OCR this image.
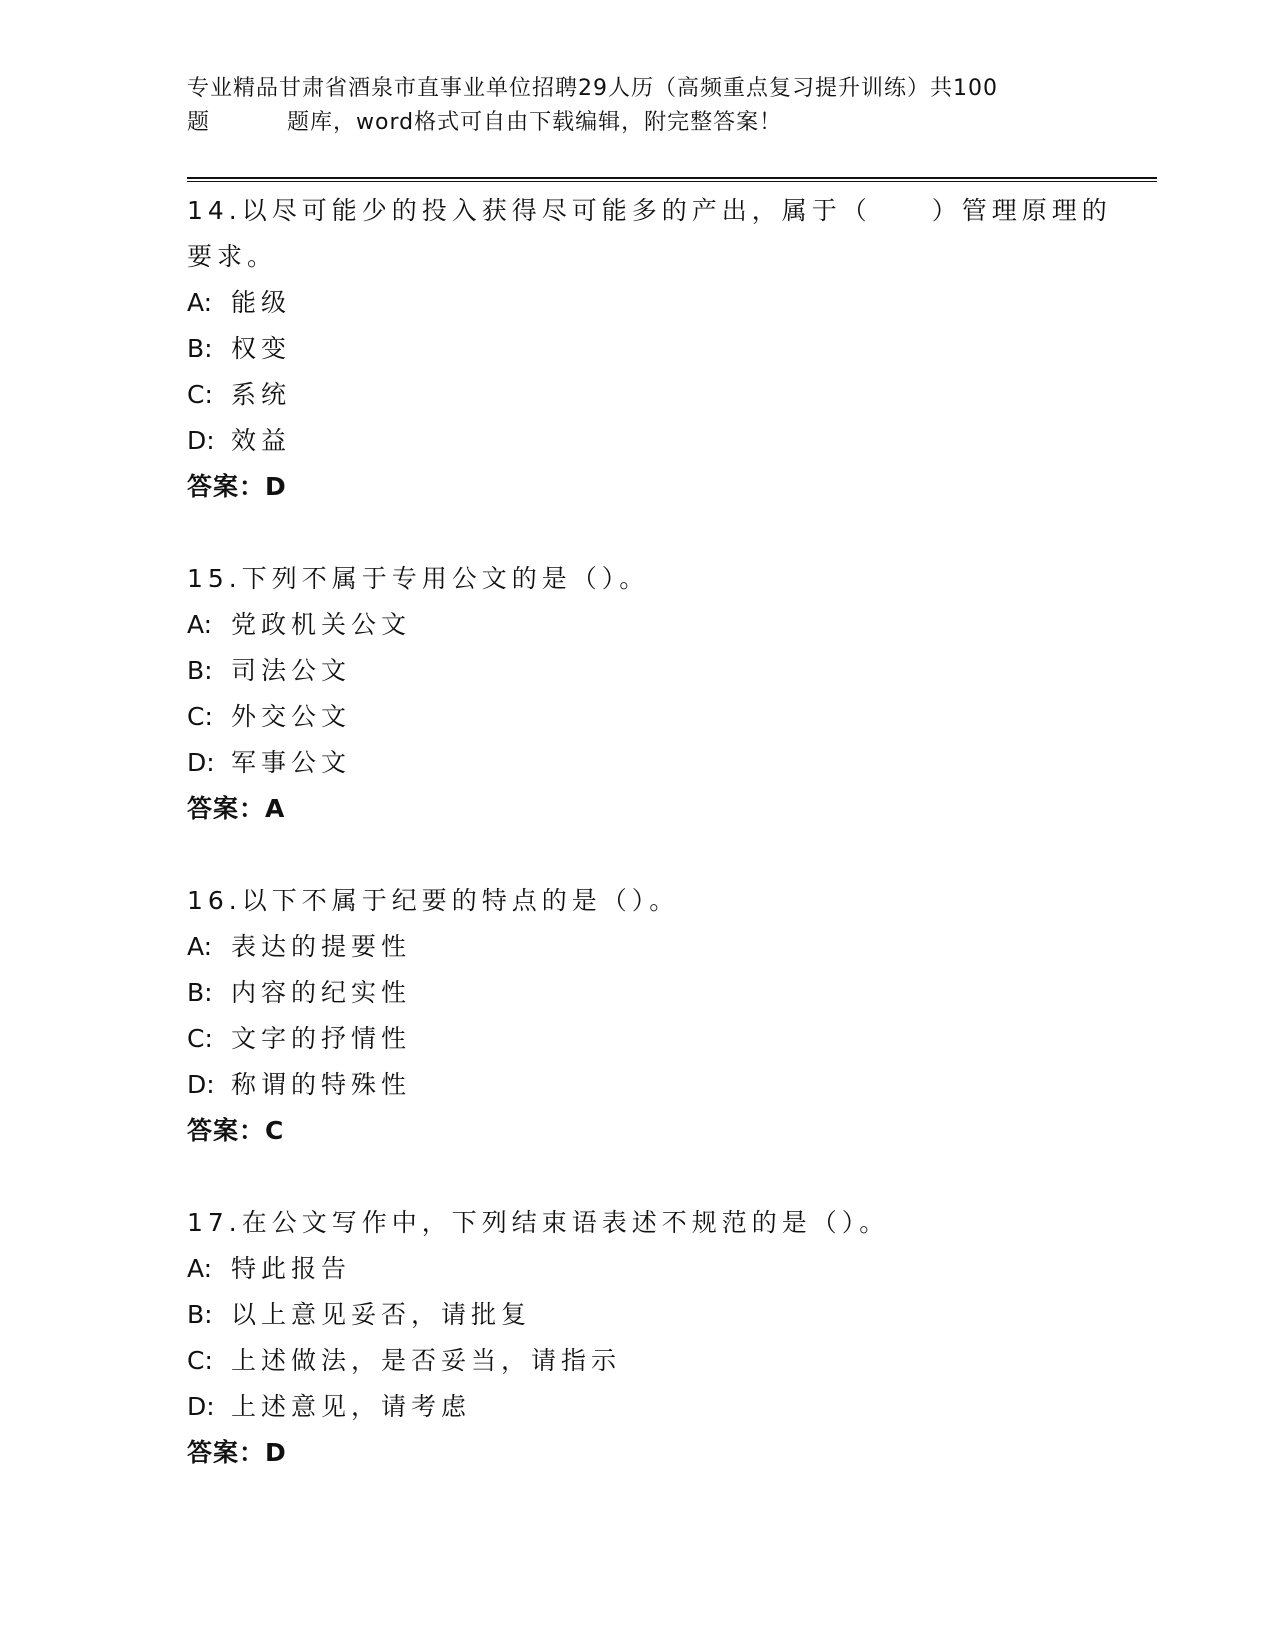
专业精品甘肃省酒泉市直事业单位招聘29人历（高频重点复习提升训练）共100
题	题库，word格式可自由下载编辑，附完整答案！
14.以尽可能少的投入获得尽可能多的产出，属于（　　）管理原理的要求。
A: 能级
B: 权变
C: 系统
D: 效益
答案：D
15.下列不属于专用公文的是（）。
A: 党政机关公文
B: 司法公文
C: 外交公文
D: 军事公文
答案：A
16.以下不属于纪要的特点的是（）。
A: 表达的提要性
B: 内容的纪实性
C: 文字的抒情性
D: 称谓的特殊性
答案：C
17.在公文写作中，下列结束语表述不规范的是（）。
A: 特此报告
B: 以上意见妥否，请批复
C: 上述做法，是否妥当，请指示
D: 上述意见，请考虑
答案：D
